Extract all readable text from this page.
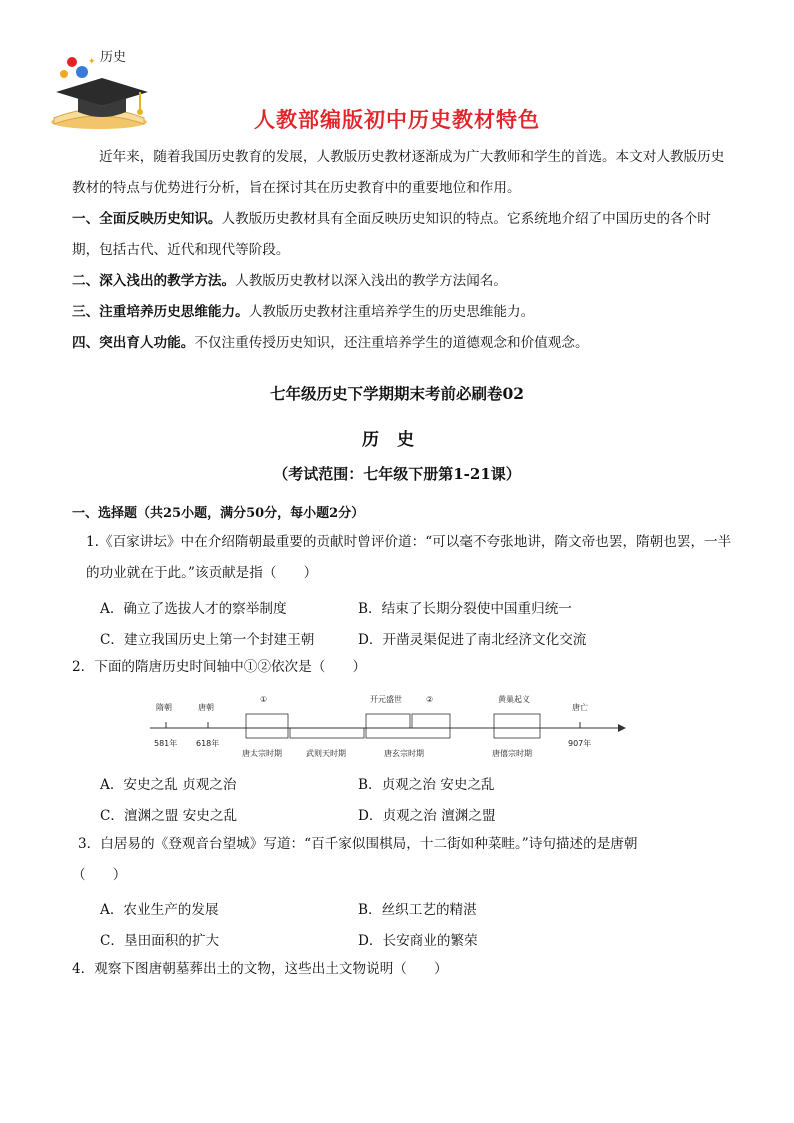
✦ 历史
人教部编版初中历史教材特色
近年来，随着我国历史教育的发展，人教版历史教材逐渐成为广大教师和学生的首选。本文对人教版历史教材的特点与优势进行分析，旨在探讨其在历史教育中的重要地位和作用。
一、全面反映历史知识。人教版历史教材具有全面反映历史知识的特点。它系统地介绍了中国历史的各个时期，包括古代、近代和现代等阶段。
二、深入浅出的教学方法。人教版历史教材以深入浅出的教学方法闻名。
三、注重培养历史思维能力。人教版历史教材注重培养学生的历史思维能力。
四、突出育人功能。不仅注重传授历史知识，还注重培养学生的道德观念和价值观念。
七年级历史下学期期末考前必刷卷02
历史
（考试范围：七年级下册第1-21课）
一、选择题（共25小题，满分50分，每小题2分）
1.《百家讲坛》中在介绍隋朝最重要的贡献时曾评价道：“可以毫不夸张地讲，隋文帝也罢，隋朝也罢，一半的功业就在于此。”该贡献是指（　　）
A．确立了选拔人才的察举制度	B．结束了长期分裂使中国重归统一
C．建立我国历史上第一个封建王朝	D．开凿灵渠促进了南北经济文化交流
2．下面的隋唐历史时间轴中①②依次是（　　）
隋朝	唐朝
①	开元盛世	②	黄巢起义
唐亡
581年 618年	907年
唐太宗时期	武则天时期	唐玄宗时期	唐僖宗时期
A．安史之乱 贞观之治	B．贞观之治 安史之乱
C．澶渊之盟 安史之乱	D．贞观之治 澶渊之盟
3．白居易的《登观音台望城》写道：“百千家似围棋局，十二街如种菜畦。”诗句描述的是唐朝（　　）
A．农业生产的发展	B．丝织工艺的精湛
C．垦田面积的扩大	D．长安商业的繁荣
4．观察下图唐朝墓葬出土的文物，这些出土文物说明（　　）
